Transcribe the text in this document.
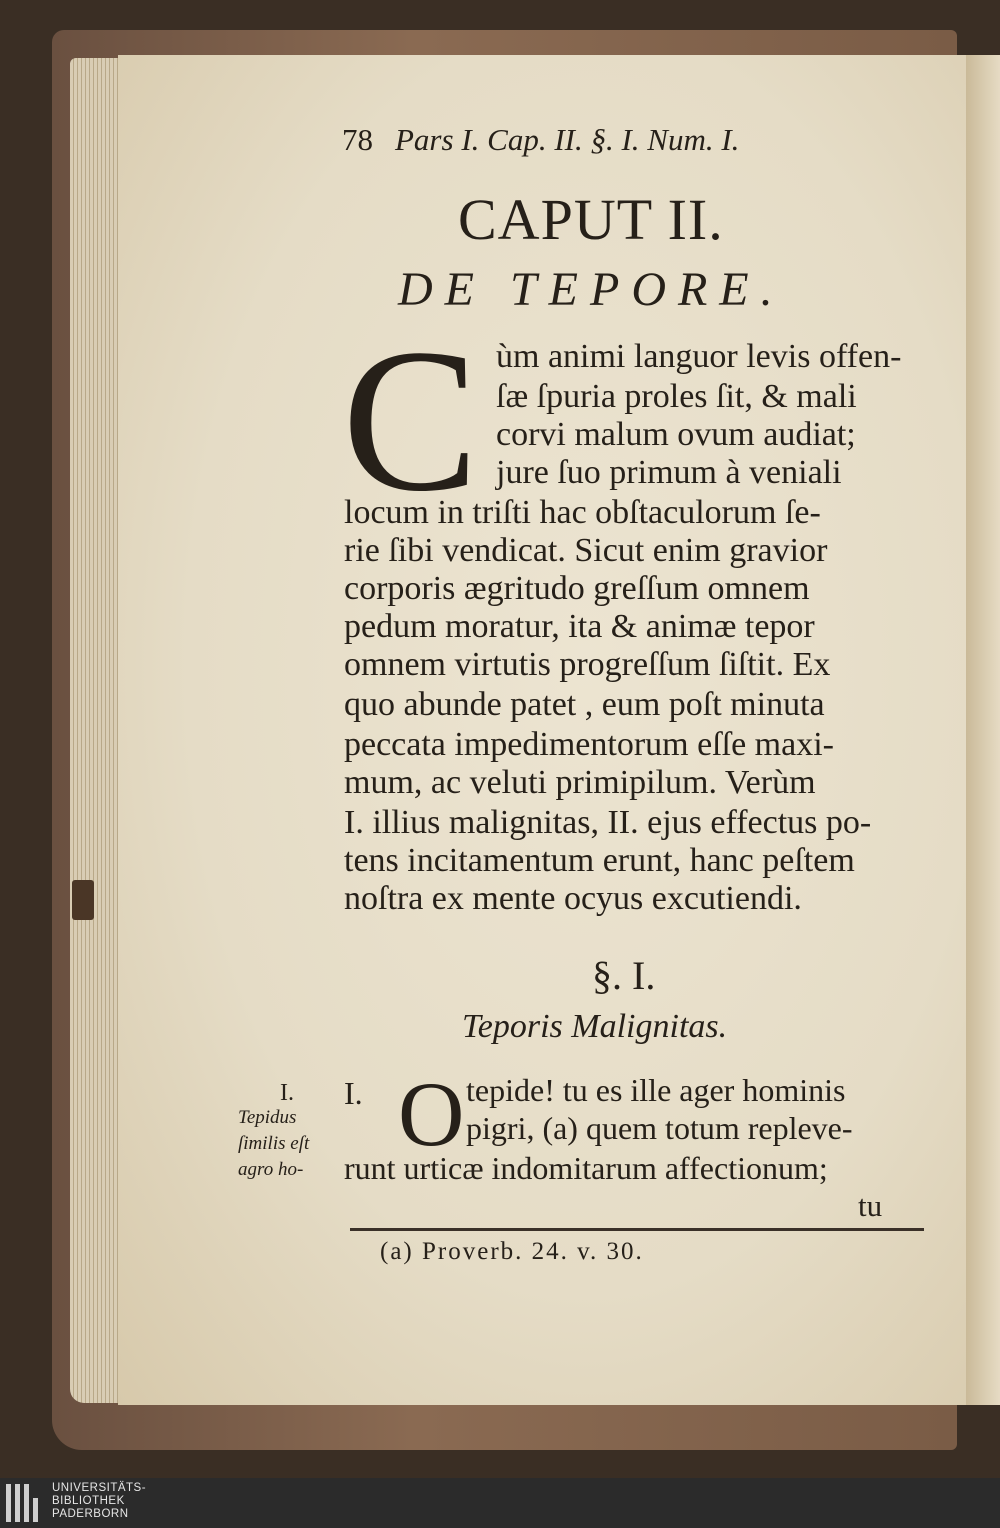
78 Pars I. Cap. II. §. I. Num. I.
CAPUT II.
DE TEPORE.
C ùm animi languor levis offen-
ſæ ſpuria proles ſit, & mali
corvi malum ovum audiat;
jure ſuo primum à veniali
locum in triſti hac obſtaculorum ſe-
rie ſibi vendicat. Sicut enim gravior
corporis ægritudo greſſum omnem
pedum moratur, ita & animæ tepor
omnem virtutis progreſſum ſiſtit. Ex
quo abunde patet , eum poſt minuta
peccata impedimentorum eſſe maxi-
mum, ac veluti primipilum. Verùm
I. illius malignitas, II. ejus effectus po-
tens incitamentum erunt, hanc peſtem
noſtra ex mente ocyus excutiendi.
§. I.
Teporis Malignitas.
I.
Tepidus
ſimilis eſt
agro ho-
I. O tepide! tu es ille ager hominis
pigri, (a) quem totum repleve-
runt urticæ indomitarum affectionum;
tu
(a) Proverb. 24. v. 30.
UNIVERSITÄTS-
BIBLIOTHEK
PADERBORN
